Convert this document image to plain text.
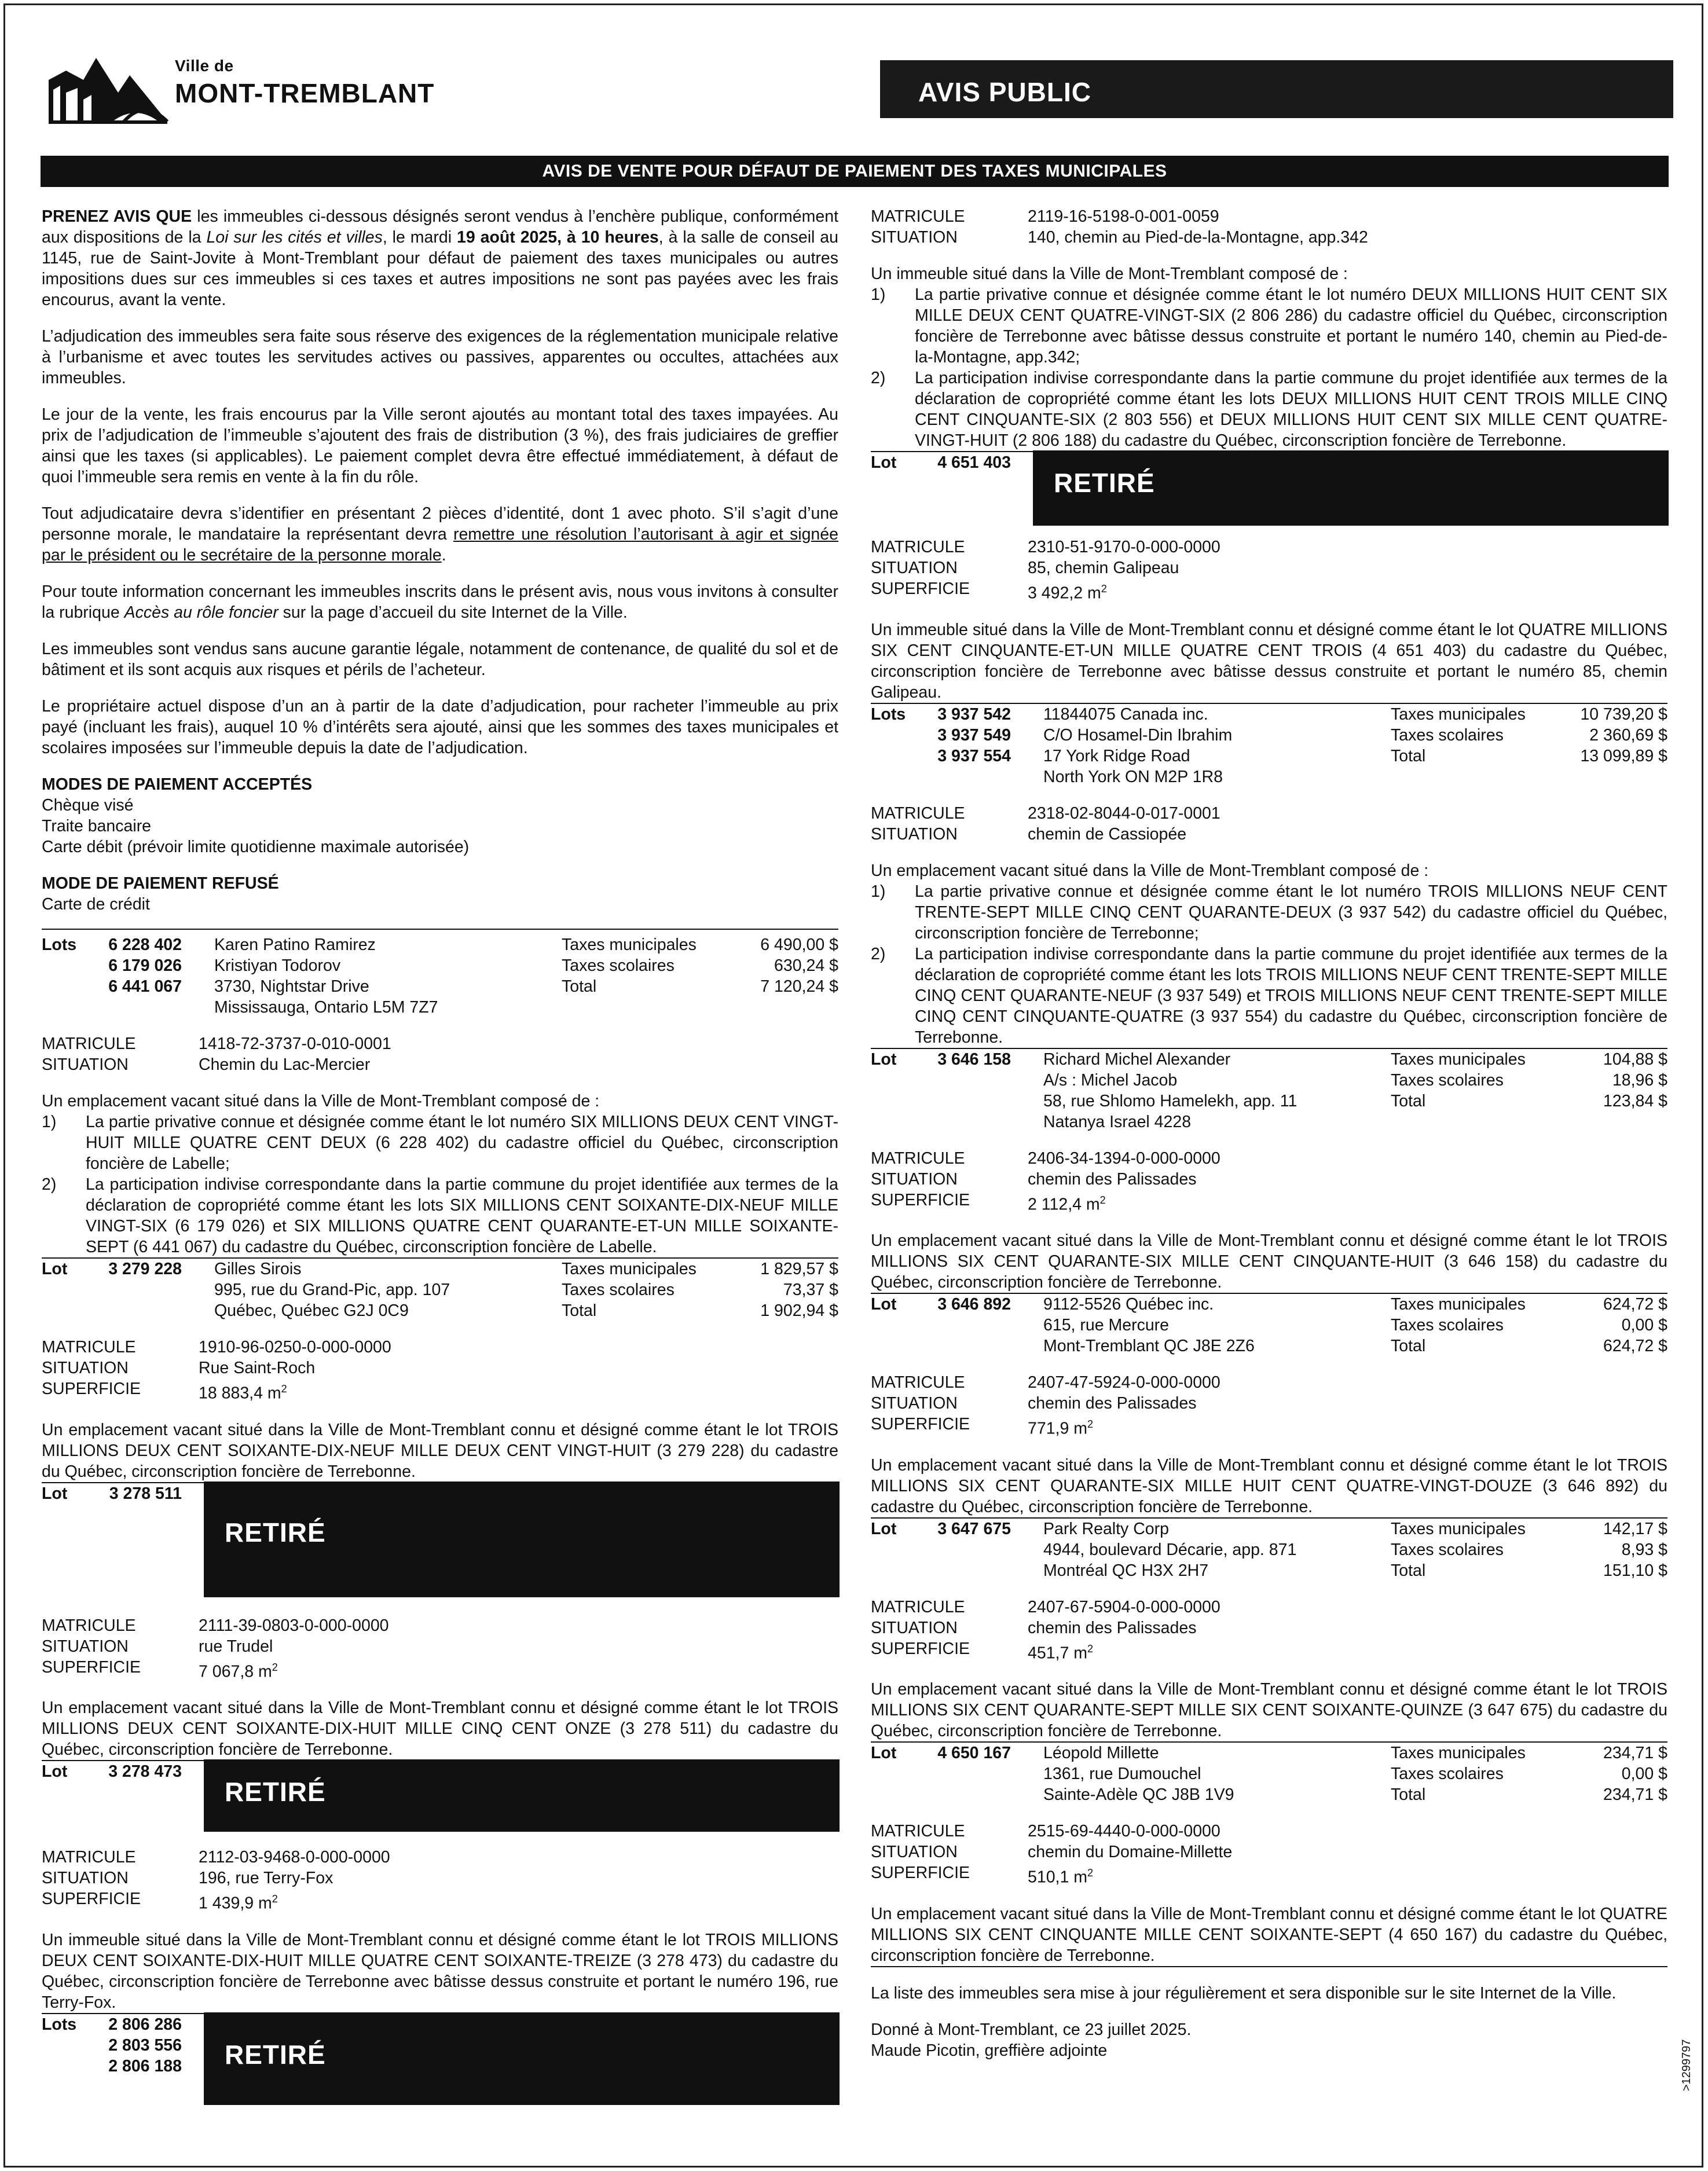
Ville de
MONT-TREMBLANT	AVIS PUBLIC
AVIS DE VENTE POUR DÉFAUT DE PAIEMENT DES TAXES MUNICIPALES

PRENEZ AVIS QUE les immeubles ci-dessous désignés seront vendus à l’enchère publique, conformément aux dispositions de la Loi sur les cités et villes, le mardi 19 août 2025, à 10 heures, à la salle de conseil au 1145, rue de Saint-Jovite à Mont-Tremblant pour défaut de paiement des taxes municipales ou autres impositions dues sur ces immeubles si ces taxes et autres impositions ne sont pas payées avec les frais encourus, avant la vente.

L’adjudication des immeubles sera faite sous réserve des exigences de la réglementation municipale relative à l’urbanisme et avec toutes les servitudes actives ou passives, apparentes ou occultes, attachées aux immeubles.

Le jour de la vente, les frais encourus par la Ville seront ajoutés au montant total des taxes impayées. Au prix de l’adjudication de l’immeuble s’ajoutent des frais de distribution (3 %), des frais judiciaires de greffier ainsi que les taxes (si applicables). Le paiement complet devra être effectué immédiatement, à défaut de quoi l’immeuble sera remis en vente à la fin du rôle.

Tout adjudicataire devra s’identifier en présentant 2 pièces d’identité, dont 1 avec photo. S’il s’agit d’une personne morale, le mandataire la représentant devra remettre une résolution l’autorisant à agir et signée par le président ou le secrétaire de la personne morale.

Pour toute information concernant les immeubles inscrits dans le présent avis, nous vous invitons à consulter la rubrique Accès au rôle foncier sur la page d’accueil du site Internet de la Ville.

Les immeubles sont vendus sans aucune garantie légale, notamment de contenance, de qualité du sol et de bâtiment et ils sont acquis aux risques et périls de l’acheteur.

Le propriétaire actuel dispose d’un an à partir de la date d’adjudication, pour racheter l’immeuble au prix payé (incluant les frais), auquel 10 % d’intérêts sera ajouté, ainsi que les sommes des taxes municipales et scolaires imposées sur l’immeuble depuis la date de l’adjudication.

MODES DE PAIEMENT ACCEPTÉS

Chèque visé

Traite bancaire

Carte débit (prévoir limite quotidienne maximale autorisée)

MODE DE PAIEMENT REFUSÉ

Carte de crédit

Lots	6 228 402	Karen Patino Ramirez	Taxes municipales	6 490,00 $
6 179 026	Kristiyan Todorov	Taxes scolaires	630,24 $
6 441 067	3730, Nightstar Drive	Total	7 120,24 $
Mississauga, Ontario L5M 7Z7
MATRICULE	1418-72-3737-0-010-0001
SITUATION	Chemin du Lac-Mercier

Un emplacement vacant situé dans la Ville de Mont-Tremblant composé de :

1)	La partie privative connue et désignée comme étant le lot numéro SIX MILLIONS DEUX CENT VINGT-HUIT MILLE QUATRE CENT DEUX (6 228 402) du cadastre officiel du Québec, circonscription foncière de Labelle;
2)	La participation indivise correspondante dans la partie commune du projet identifiée aux termes de la déclaration de copropriété comme étant les lots SIX MILLIONS CENT SOIXANTE-DIX-NEUF MILLE VINGT-SIX (6 179 026) et SIX MILLIONS QUATRE CENT QUARANTE-ET-UN MILLE SOIXANTE-SEPT (6 441 067) du cadastre du Québec, circonscription foncière de Labelle.
Lot	3 279 228	Gilles Sirois	Taxes municipales	1 829,57 $
995, rue du Grand-Pic, app. 107	Taxes scolaires	73,37 $
Québec, Québec G2J 0C9	Total	1 902,94 $
MATRICULE	1910-96-0250-0-000-0000
SITUATION	Rue Saint-Roch
SUPERFICIE	18 883,4 $m^2$

Un emplacement vacant situé dans la Ville de Mont-Tremblant connu et désigné comme étant le lot TROIS MILLIONS DEUX CENT SOIXANTE-DIX-NEUF MILLE DEUX CENT VINGT-HUIT (3 279 228) du cadastre du Québec, circonscription foncière de Terrebonne.

Lot	3 278 511
RETIRÉ
MATRICULE	2111-39-0803-0-000-0000
SITUATION	rue Trudel
SUPERFICIE	7 067,8 $m^2$

Un emplacement vacant situé dans la Ville de Mont-Tremblant connu et désigné comme étant le lot TROIS MILLIONS DEUX CENT SOIXANTE-DIX-HUIT MILLE CINQ CENT ONZE (3 278 511) du cadastre du Québec, circonscription foncière de Terrebonne.

Lot	3 278 473
RETIRÉ
MATRICULE	2112-03-9468-0-000-0000
SITUATION	196, rue Terry-Fox
SUPERFICIE	1 439,9 $m^2$

Un immeuble situé dans la Ville de Mont-Tremblant connu et désigné comme étant le lot TROIS MILLIONS DEUX CENT SOIXANTE-DIX-HUIT MILLE QUATRE CENT SOIXANTE-TREIZE (3 278 473) du cadastre du Québec, circonscription foncière de Terrebonne avec bâtisse dessus construite et portant le numéro 196, rue Terry-Fox.

Lots	2 806 286
2 803 556
2 806 188 RETIRÉ
MATRICULE	2119-16-5198-0-001-0059
SITUATION	140, chemin au Pied-de-la-Montagne, app.342

Un immeuble situé dans la Ville de Mont-Tremblant composé de :

1)	La partie privative connue et désignée comme étant le lot numéro DEUX MILLIONS HUIT CENT SIX MILLE DEUX CENT QUATRE-VINGT-SIX (2 806 286) du cadastre officiel du Québec, circonscription foncière de Terrebonne avec bâtisse dessus construite et portant le numéro 140, chemin au Pied-de-la-Montagne, app.342;
2)	La participation indivise correspondante dans la partie commune du projet identifiée aux termes de la déclaration de copropriété comme étant les lots DEUX MILLIONS HUIT CENT TROIS MILLE CINQ CENT CINQUANTE-SIX (2 803 556) et DEUX MILLIONS HUIT CENT SIX MILLE CENT QUATRE-VINGT-HUIT (2 806 188) du cadastre du Québec, circonscription foncière de Terrebonne.
Lot	4 651 403
RETIRÉ
MATRICULE	2310-51-9170-0-000-0000
SITUATION	85, chemin Galipeau
SUPERFICIE	3 492,2 $m^2$

Un immeuble situé dans la Ville de Mont-Tremblant connu et désigné comme étant le lot QUATRE MILLIONS SIX CENT CINQUANTE-ET-UN MILLE QUATRE CENT TROIS (4 651 403) du cadastre du Québec, circonscription foncière de Terrebonne avec bâtisse dessus construite et portant le numéro 85, chemin Galipeau.

Lots	3 937 542	11844075 Canada inc.	Taxes municipales	10 739,20 $
3 937 549	C/O Hosamel-Din Ibrahim	Taxes scolaires	2 360,69 $
3 937 554	17 York Ridge Road	Total	13 099,89 $
North York ON M2P 1R8
MATRICULE	2318-02-8044-0-017-0001
SITUATION	chemin de Cassiopée

Un emplacement vacant situé dans la Ville de Mont-Tremblant composé de :

1)	La partie privative connue et désignée comme étant le lot numéro TROIS MILLIONS NEUF CENT TRENTE-SEPT MILLE CINQ CENT QUARANTE-DEUX (3 937 542) du cadastre officiel du Québec, circonscription foncière de Terrebonne;
2)	La participation indivise correspondante dans la partie commune du projet identifiée aux termes de la déclaration de copropriété comme étant les lots TROIS MILLIONS NEUF CENT TRENTE-SEPT MILLE CINQ CENT QUARANTE-NEUF (3 937 549) et TROIS MILLIONS NEUF CENT TRENTE-SEPT MILLE CINQ CENT CINQUANTE-QUATRE (3 937 554) du cadastre du Québec, circonscription foncière de Terrebonne.
Lot	3 646 158	Richard Michel Alexander	Taxes municipales	104,88 $
A/s : Michel Jacob	Taxes scolaires	18,96 $
58, rue Shlomo Hamelekh, app. 11	Total	123,84 $
Natanya Israel 4228
MATRICULE	2406-34-1394-0-000-0000
SITUATION	chemin des Palissades
SUPERFICIE	2 112,4 $m^2$

Un emplacement vacant situé dans la Ville de Mont-Tremblant connu et désigné comme étant le lot TROIS MILLIONS SIX CENT QUARANTE-SIX MILLE CENT CINQUANTE-HUIT (3 646 158) du cadastre du Québec, circonscription foncière de Terrebonne.

Lot	3 646 892	9112-5526 Québec inc.	Taxes municipales	624,72 $
615, rue Mercure	Taxes scolaires	0,00 $
Mont-Tremblant QC J8E 2Z6	Total	624,72 $
MATRICULE	2407-47-5924-0-000-0000
SITUATION	chemin des Palissades
SUPERFICIE	771,9 $m^2$

Un emplacement vacant situé dans la Ville de Mont-Tremblant connu et désigné comme étant le lot TROIS MILLIONS SIX CENT QUARANTE-SIX MILLE HUIT CENT QUATRE-VINGT-DOUZE (3 646 892) du cadastre du Québec, circonscription foncière de Terrebonne.

Lot	3 647 675	Park Realty Corp	Taxes municipales	142,17 $
4944, boulevard Décarie, app. 871	Taxes scolaires	8,93 $
Montréal QC H3X 2H7	Total	151,10 $
MATRICULE	2407-67-5904-0-000-0000
SITUATION	chemin des Palissades
SUPERFICIE	451,7 $m^2$

Un emplacement vacant situé dans la Ville de Mont-Tremblant connu et désigné comme étant le lot TROIS MILLIONS SIX CENT QUARANTE-SEPT MILLE SIX CENT SOIXANTE-QUINZE (3 647 675) du cadastre du Québec, circonscription foncière de Terrebonne.

Lot	4 650 167	Léopold Millette	Taxes municipales	234,71 $
1361, rue Dumouchel	Taxes scolaires	0,00 $
Sainte-Adèle QC J8B 1V9	Total	234,71 $
MATRICULE	2515-69-4440-0-000-0000
SITUATION	chemin du Domaine-Millette
SUPERFICIE	510,1 $m^2$

Un emplacement vacant situé dans la Ville de Mont-Tremblant connu et désigné comme étant le lot QUATRE MILLIONS SIX CENT CINQUANTE MILLE CENT SOIXANTE-SEPT (4 650 167) du cadastre du Québec, circonscription foncière de Terrebonne.

La liste des immeubles sera mise à jour régulièrement et sera disponible sur le site Internet de la Ville.

Donné à Mont-Tremblant, ce 23 juillet 2025.

Maude Picotin, greffière adjointe	>1299797
